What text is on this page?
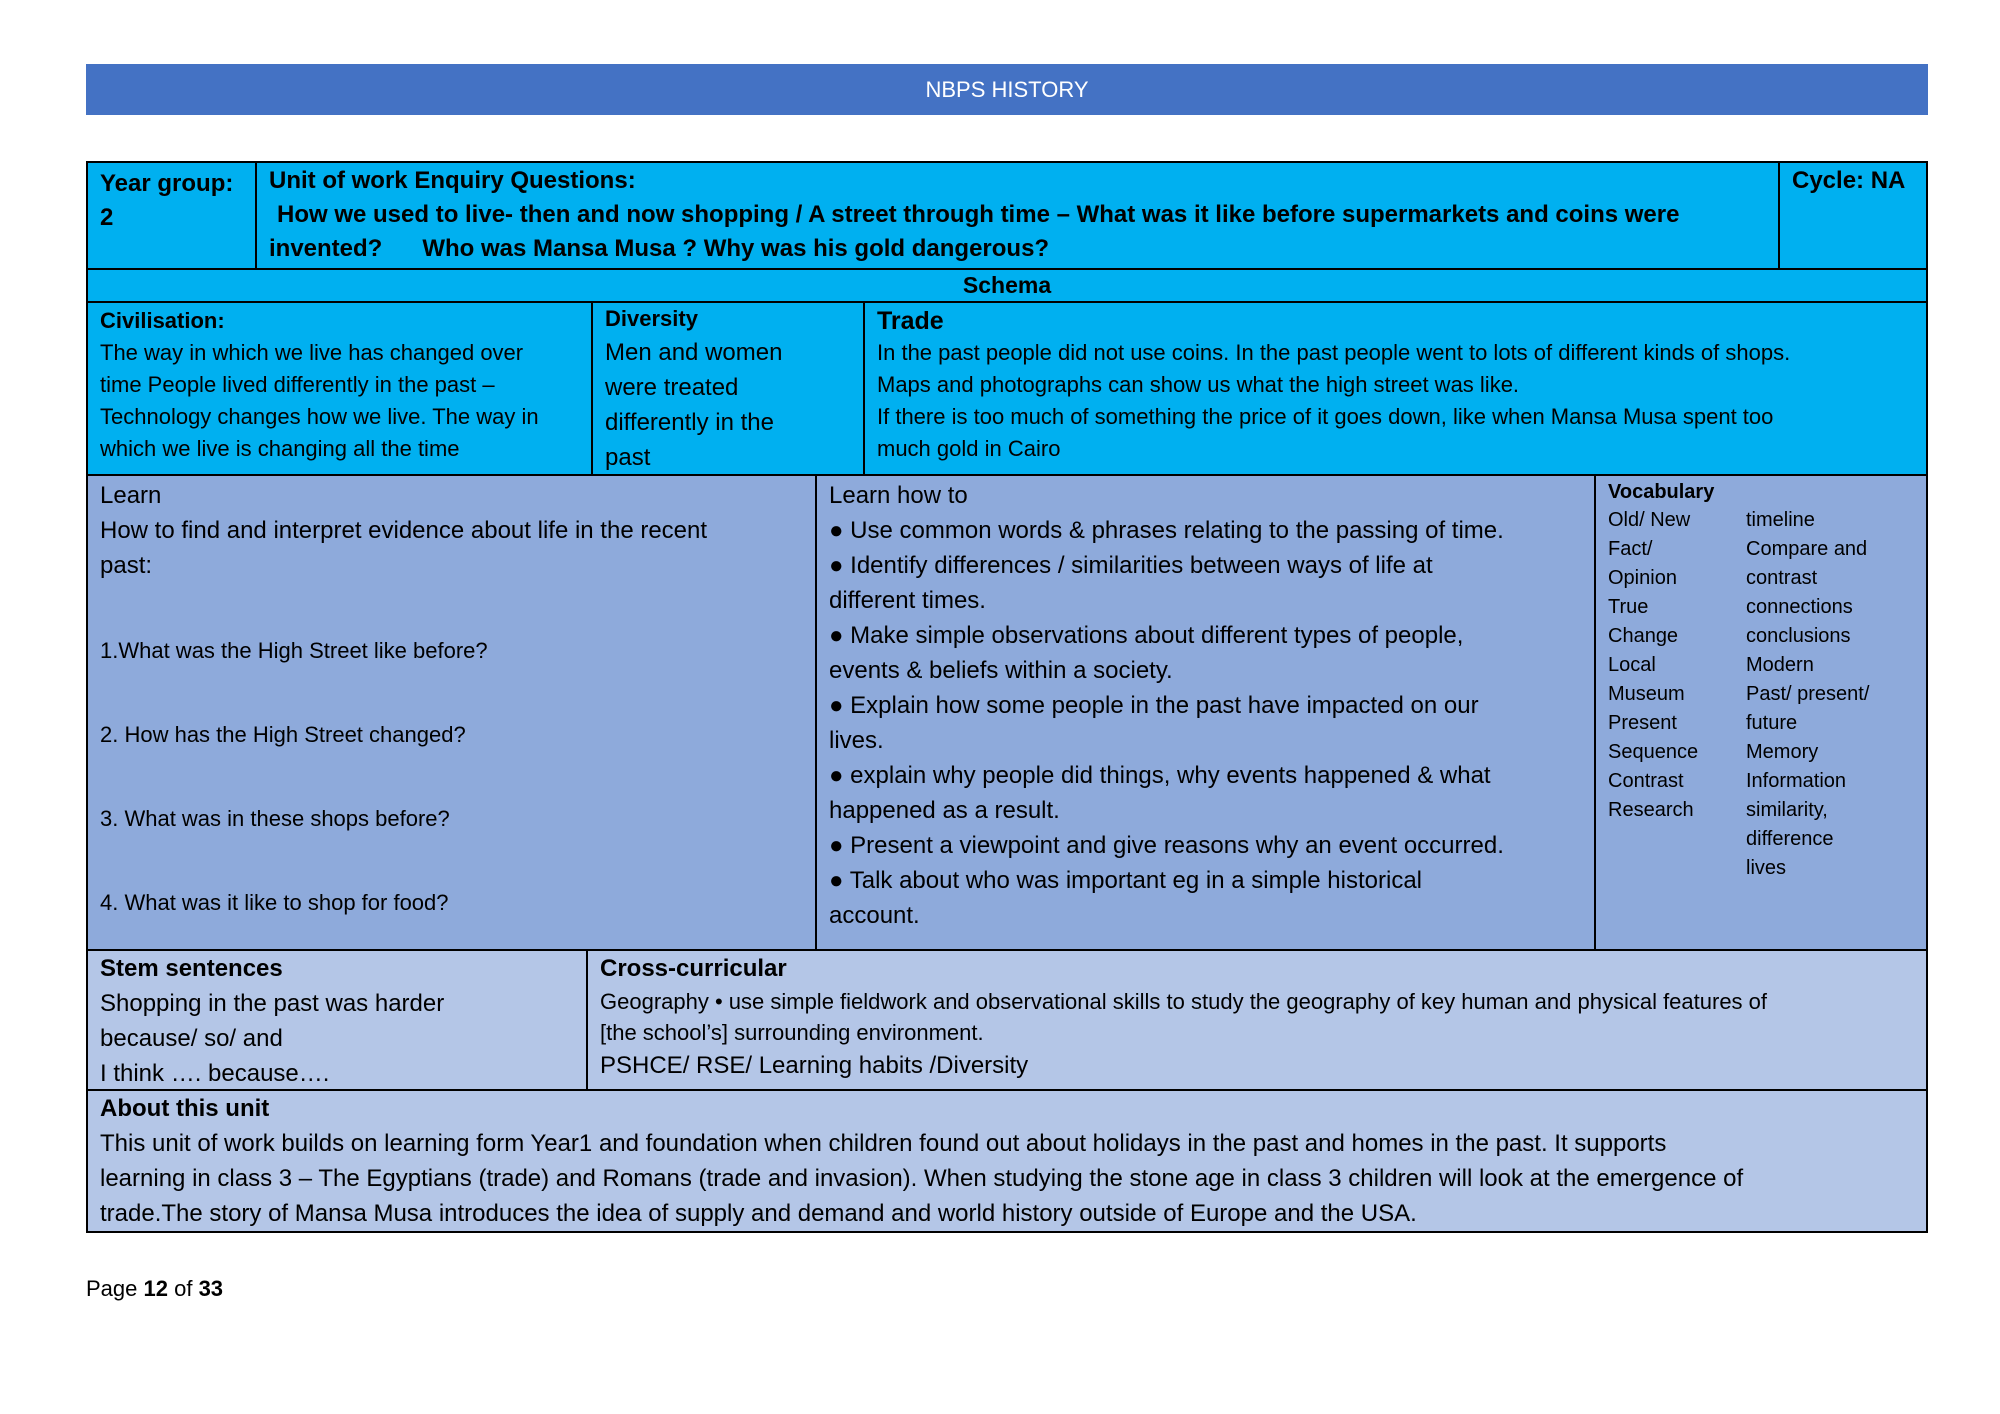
NBPS HISTORY
Year group:
2
Unit of work Enquiry Questions:
How we used to live- then and now shopping / A street through time – What was it like before supermarkets and coins were
invented?      Who was Mansa Musa ? Why was his gold dangerous?
Cycle: NA
Schema

Civilisation:

The way in which we live has changed over

time People lived differently in the past –

Technology changes how we live. The way in

which we live is changing all the time

Diversity

Men and women

were treated

differently in the

past

Trade

In the past people did not use coins. In the past people went to lots of different kinds of shops.

Maps and photographs can show us what the high street was like.

If there is too much of something the price of it goes down, like when Mansa Musa spent too

much gold in Cairo

Learn

How to find and interpret evidence about life in the recent

past:

1.What was the High Street like before?

2. How has the High Street changed?

3. What was in these shops before?

4. What was it like to shop for food?

Learn how to

● Use common words & phrases relating to the passing of time.

● Identify differences / similarities between ways of life at

different times.

● Make simple observations about different types of people,

events & beliefs within a society.

● Explain how some people in the past have impacted on our

lives.

● explain why people did things, why events happened & what

happened as a result.

● Present a viewpoint and give reasons why an event occurred.

● Talk about who was important eg in a simple historical

account.

Vocabulary
Old/ New
Fact/
Opinion
True
Change
Local
Museum
Present
Sequence
Contrast
Research
timeline
Compare and
contrast
connections
conclusions
Modern
Past/ present/
future
Memory
Information
similarity,
difference
lives

Stem sentences

Shopping in the past was harder

because/ so/ and

I think …. because….

Cross-curricular

Geography • use simple fieldwork and observational skills to study the geography of key human and physical features of

[the school’s] surrounding environment.

PSHCE/ RSE/ Learning habits /Diversity

About this unit

This unit of work builds on learning form Year1 and foundation when children found out about holidays in the past and homes in the past. It supports

learning in class 3 – The Egyptians (trade) and Romans (trade and invasion). When studying the stone age in class 3 children will look at the emergence of

trade.The story of Mansa Musa introduces the idea of supply and demand and world history outside of Europe and the USA.

Page 12 of 33
